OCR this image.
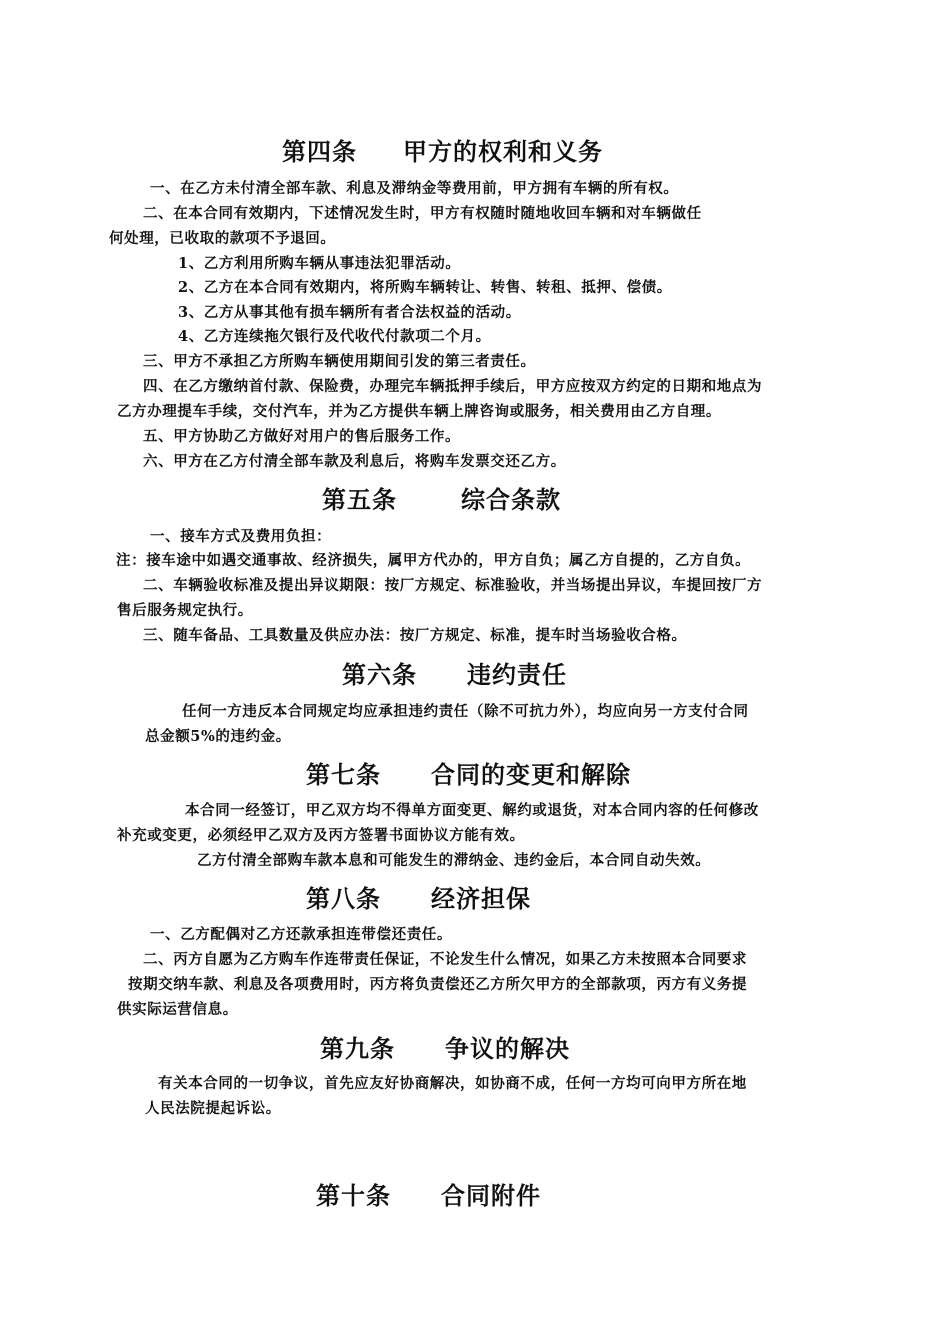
第四条 甲方的权利和义务
一、在乙方未付清全部车款、利息及滞纳金等费用前，甲方拥有车辆的所有权。
二、在本合同有效期内，下述情况发生时，甲方有权随时随地收回车辆和对车辆做任
何处理，已收取的款项不予退回。
1、乙方利用所购车辆从事违法犯罪活动。
2、乙方在本合同有效期内，将所购车辆转让、转售、转租、抵押、偿债。
3、乙方从事其他有损车辆所有者合法权益的活动。
4、乙方连续拖欠银行及代收代付款项二个月。
三、甲方不承担乙方所购车辆使用期间引发的第三者责任。
四、在乙方缴纳首付款、保险费，办理完车辆抵押手续后，甲方应按双方约定的日期和地点为
乙方办理提车手续，交付汽车，并为乙方提供车辆上牌咨询或服务，相关费用由乙方自理。
五、甲方协助乙方做好对用户的售后服务工作。
六、甲方在乙方付清全部车款及利息后，将购车发票交还乙方。
第五条	综合条款
一、接车方式及费用负担：
注：接车途中如遇交通事故、经济损失，属甲方代办的，甲方自负；属乙方自提的，乙方自负。
二、车辆验收标准及提出异议期限：按厂方规定、标准验收，并当场提出异议，车提回按厂方
售后服务规定执行。
三、随车备品、工具数量及供应办法：按厂方规定、标准，提车时当场验收合格。
第六条 违约责任
任何一方违反本合同规定均应承担违约责任（除不可抗力外），均应向另一方支付合同
总金额5%的违约金。
第七条 合同的变更和解除
本合同一经签订，甲乙双方均不得单方面变更、解约或退货，对本合同内容的任何修改
补充或变更，必须经甲乙双方及丙方签署书面协议方能有效。
乙方付清全部购车款本息和可能发生的滞纳金、违约金后，本合同自动失效。
第八条 经济担保
一、乙方配偶对乙方还款承担连带偿还责任。
二、丙方自愿为乙方购车作连带责任保证，不论发生什么情况，如果乙方未按照本合同要求
按期交纳车款、利息及各项费用时，丙方将负责偿还乙方所欠甲方的全部款项，丙方有义务提
供实际运营信息。
第九条 争议的解决
有关本合同的一切争议，首先应友好协商解决，如协商不成，任何一方均可向甲方所在地
人民法院提起诉讼。
第十条 合同附件
